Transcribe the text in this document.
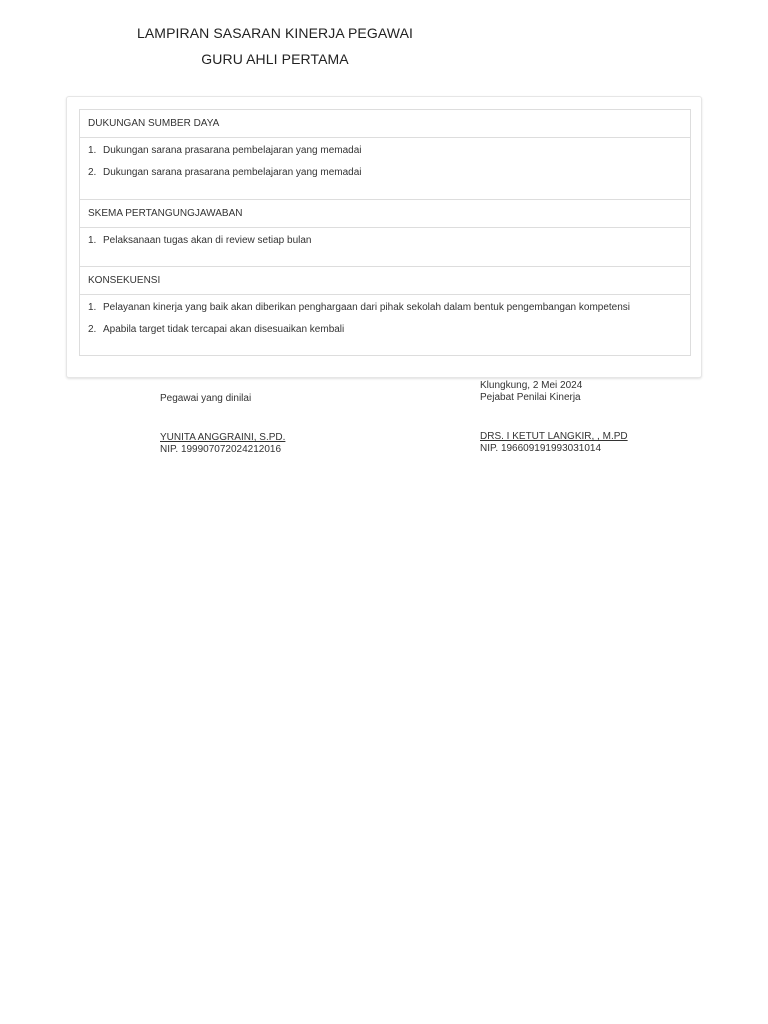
LAMPIRAN SASARAN KINERJA PEGAWAI
GURU AHLI PERTAMA
DUKUNGAN SUMBER DAYA
1. Dukungan sarana prasarana pembelajaran yang memadai
2. Dukungan sarana prasarana pembelajaran yang memadai
SKEMA PERTANGUNGJAWABAN
1. Pelaksanaan tugas akan di review setiap bulan
KONSEKUENSI
1. Pelayanan kinerja yang baik akan diberikan penghargaan dari pihak sekolah dalam bentuk pengembangan kompetensi
2. Apabila target tidak tercapai akan disesuaikan kembali
Pegawai yang dinilai
YUNITA ANGGRAINI, S.PD.
NIP. 199907072024212016
Klungkung, 2 Mei 2024
Pejabat Penilai Kinerja
DRS. I KETUT LANGKIR, , M.PD
NIP. 196609191993031014
